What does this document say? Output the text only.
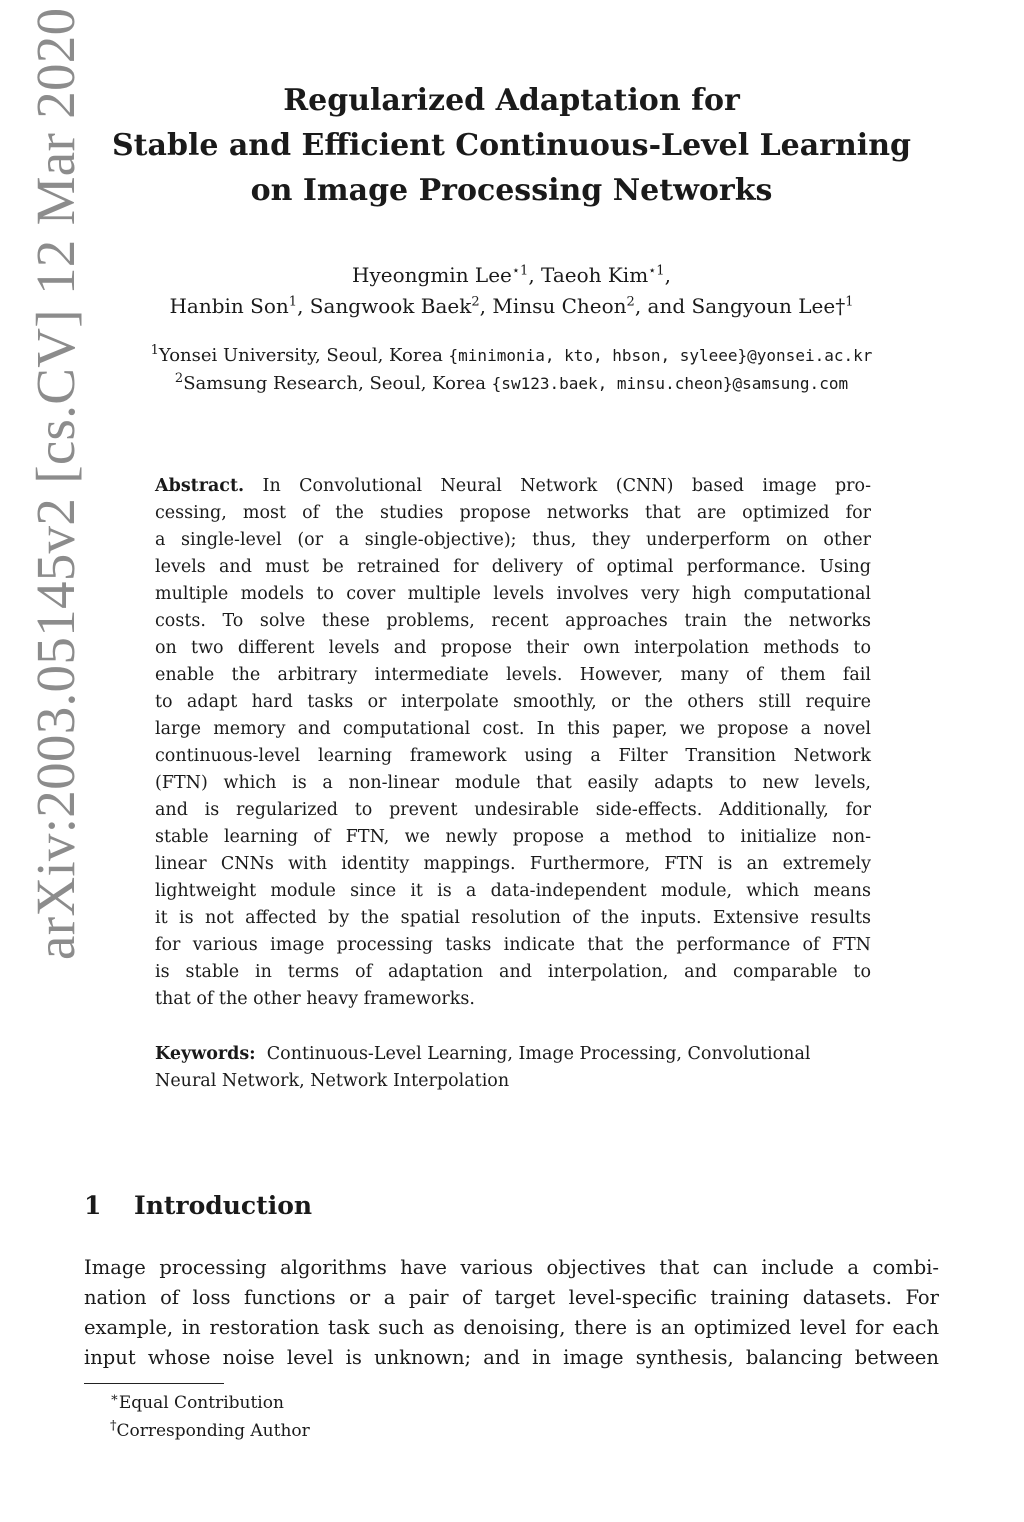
arXiv:2003.05145v2 [cs.CV] 12 Mar 2020	Regularized Adaptation for
Stable and Efficient Continuous-Level Learning
on Image Processing Networks
Hyeongmin Lee$^{⋆1}$, Taeoh Kim$^{⋆1}$,
Hanbin Son$^1$, Sangwook Baek$^2$, Minsu Cheon$^2$, and Sangyoun Lee†$^1$
$^1$Yonsei University, Seoul, Korea {minimonia, kto, hbson, syleee}@yonsei.ac.kr
$^2$Samsung Research, Seoul, Korea {sw123.baek, minsu.cheon}@samsung.com
Abstract. In Convolutional Neural Network (CNN) based image pro-
cessing, most of the studies propose networks that are optimized for
a single-level (or a single-objective); thus, they underperform on other
levels and must be retrained for delivery of optimal performance. Using
multiple models to cover multiple levels involves very high computational
costs. To solve these problems, recent approaches train the networks
on two different levels and propose their own interpolation methods to
enable the arbitrary intermediate levels. However, many of them fail
to adapt hard tasks or interpolate smoothly, or the others still require
large memory and computational cost. In this paper, we propose a novel
continuous-level learning framework using a Filter Transition Network
(FTN) which is a non-linear module that easily adapts to new levels,
and is regularized to prevent undesirable side-effects. Additionally, for
stable learning of FTN, we newly propose a method to initialize non-
linear CNNs with identity mappings. Furthermore, FTN is an extremely
lightweight module since it is a data-independent module, which means
it is not affected by the spatial resolution of the inputs. Extensive results
for various image processing tasks indicate that the performance of FTN
is stable in terms of adaptation and interpolation, and comparable to
that of the other heavy frameworks.
Keywords: Continuous-Level Learning, Image Processing, Convolutional
Neural Network, Network Interpolation
1 Introduction
Image processing algorithms have various objectives that can include a combi-
nation of loss functions or a pair of target level-specific training datasets. For
example, in restoration task such as denoising, there is an optimized level for each
input whose noise level is unknown; and in image synthesis, balancing between
∗Equal Contribution
†Corresponding Author
